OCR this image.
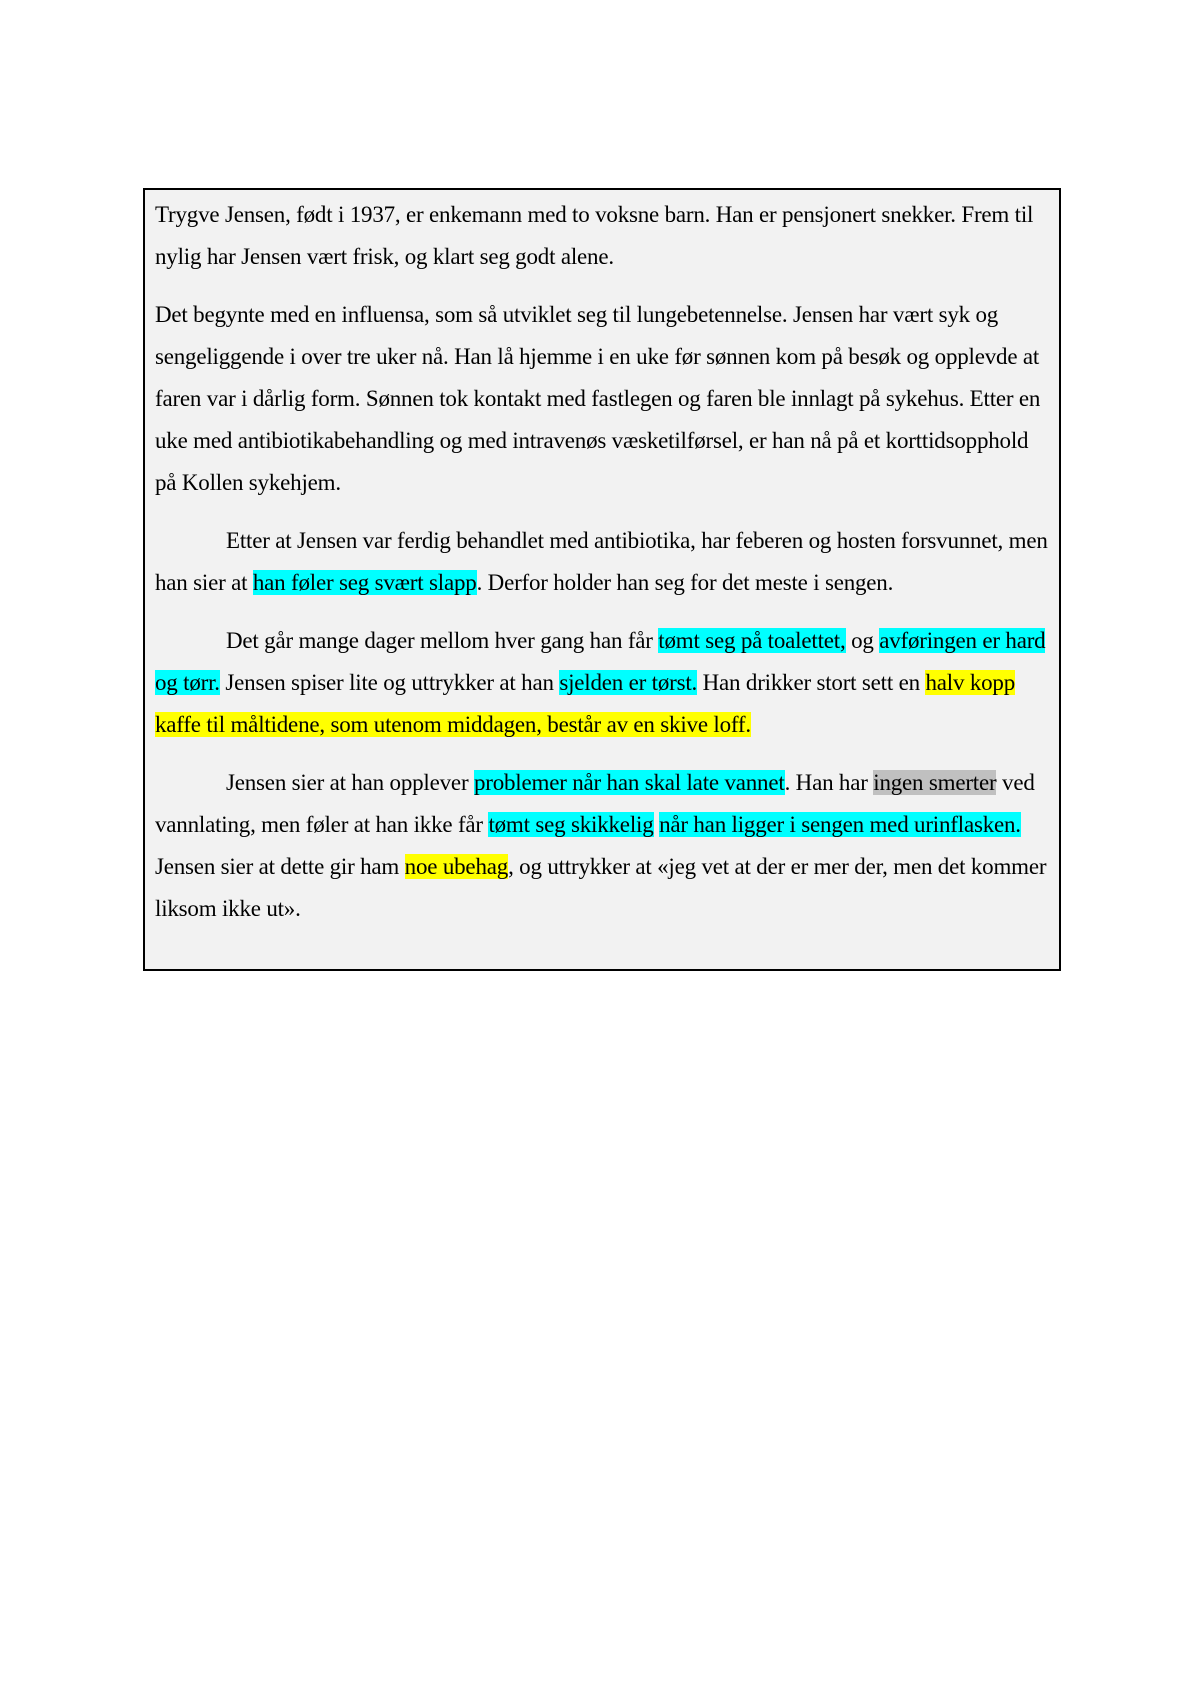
Trygve Jensen, født i 1937, er enkemann med to voksne barn. Han er pensjonert snekker. Frem til nylig har Jensen vært frisk, og klart seg godt alene.

Det begynte med en influensa, som så utviklet seg til lungebetennelse. Jensen har vært syk og sengeliggende i over tre uker nå. Han lå hjemme i en uke før sønnen kom på besøk og opplevde at faren var i dårlig form. Sønnen tok kontakt med fastlegen og faren ble innlagt på sykehus. Etter en uke med antibiotikabehandling og med intravenøs væsketilførsel, er han nå på et korttidsopphold på Kollen sykehjem.

Etter at Jensen var ferdig behandlet med antibiotika, har feberen og hosten forsvunnet, men han sier at han føler seg svært slapp. Derfor holder han seg for det meste i sengen.

Det går mange dager mellom hver gang han får tømt seg på toalettet, og avføringen er hard og tørr. Jensen spiser lite og uttrykker at han sjelden er tørst. Han drikker stort sett en halv kopp kaffe til måltidene, som utenom middagen, består av en skive loff.

Jensen sier at han opplever problemer når han skal late vannet. Han har ingen smerter ved vannlating, men føler at han ikke får tømt seg skikkelig når han ligger i sengen med urinflasken. Jensen sier at dette gir ham noe ubehag, og uttrykker at «jeg vet at der er mer der, men det kommer liksom ikke ut».
